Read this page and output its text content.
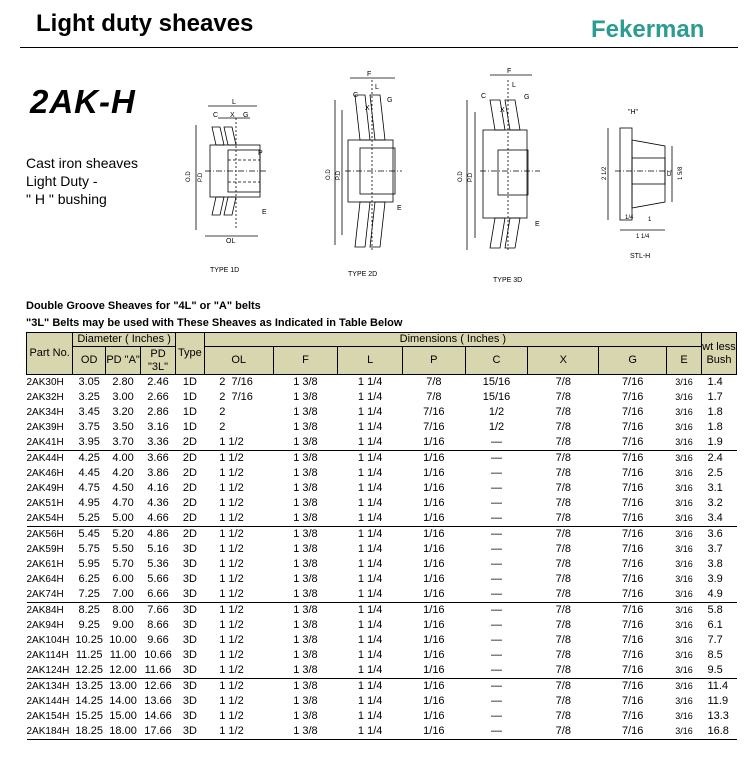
Light duty sheaves	Fekerman
2AK-H
Cast iron sheaves
Light Duty -
" H " bushing
C X G
L
OL
E
P
O.D P.D
TYPE 1D
C
F
L
G
X
E
O.D P.D
TYPE 2D
C
F
L
G
X
E
O.D P.D
TYPE 3D
"H"
2 1/2	1 5/8
D
1/4 1
1 1/4
STL-H
Double Groove Sheaves for "4L" or "A" belts
"3L" Belts may be used with These Sheaves as Indicated in Table Below
Part No.	Diameter ( Inches )			Type	Dimensions ( Inches )								wt less Bush
	OD	PD "A"	PD "3L"		OL	F	L	P	C	X	G	E	
2AK30H	3.05	2.80	2.46	1D	2  7/16	1 3/8	1 1/4	7/8	15/16	7/8	7/16	3/16	1.4
2AK32H	3.25	3.00	2.66	1D	2  7/16	1 3/8	1 1/4	7/8	15/16	7/8	7/16	3/16	1.7
2AK34H	3.45	3.20	2.86	1D	2	1 3/8	1 1/4	7/16	1/2	7/8	7/16	3/16	1.8
2AK39H	3.75	3.50	3.16	1D	2	1 3/8	1 1/4	7/16	1/2	7/8	7/16	3/16	1.8
2AK41H	3.95	3.70	3.36	2D	1 1/2	1 3/8	1 1/4	1/16	—	7/8	7/16	3/16	1.9
2AK44H	4.25	4.00	3.66	2D	1 1/2	1 3/8	1 1/4	1/16	—	7/8	7/16	3/16	2.4
2AK46H	4.45	4.20	3.86	2D	1 1/2	1 3/8	1 1/4	1/16	—	7/8	7/16	3/16	2.5
2AK49H	4.75	4.50	4.16	2D	1 1/2	1 3/8	1 1/4	1/16	—	7/8	7/16	3/16	3.1
2AK51H	4.95	4.70	4.36	2D	1 1/2	1 3/8	1 1/4	1/16	—	7/8	7/16	3/16	3.2
2AK54H	5.25	5.00	4.66	2D	1 1/2	1 3/8	1 1/4	1/16	—	7/8	7/16	3/16	3.4
2AK56H	5.45	5.20	4.86	2D	1 1/2	1 3/8	1 1/4	1/16	—	7/8	7/16	3/16	3.6
2AK59H	5.75	5.50	5.16	3D	1 1/2	1 3/8	1 1/4	1/16	—	7/8	7/16	3/16	3.7
2AK61H	5.95	5.70	5.36	3D	1 1/2	1 3/8	1 1/4	1/16	—	7/8	7/16	3/16	3.8
2AK64H	6.25	6.00	5.66	3D	1 1/2	1 3/8	1 1/4	1/16	—	7/8	7/16	3/16	3.9
2AK74H	7.25	7.00	6.66	3D	1 1/2	1 3/8	1 1/4	1/16	—	7/8	7/16	3/16	4.9
2AK84H	8.25	8.00	7.66	3D	1 1/2	1 3/8	1 1/4	1/16	—	7/8	7/16	3/16	5.8
2AK94H	9.25	9.00	8.66	3D	1 1/2	1 3/8	1 1/4	1/16	—	7/8	7/16	3/16	6.1
2AK104H	10.25	10.00	9.66	3D	1 1/2	1 3/8	1 1/4	1/16	—	7/8	7/16	3/16	7.7
2AK114H	11.25	11.00	10.66	3D	1 1/2	1 3/8	1 1/4	1/16	—	7/8	7/16	3/16	8.5
2AK124H	12.25	12.00	11.66	3D	1 1/2	1 3/8	1 1/4	1/16	—	7/8	7/16	3/16	9.5
2AK134H	13.25	13.00	12.66	3D	1 1/2	1 3/8	1 1/4	1/16	—	7/8	7/16	3/16	11.4
2AK144H	14.25	14.00	13.66	3D	1 1/2	1 3/8	1 1/4	1/16	—	7/8	7/16	3/16	11.9
2AK154H	15.25	15.00	14.66	3D	1 1/2	1 3/8	1 1/4	1/16	—	7/8	7/16	3/16	13.3
2AK184H	18.25	18.00	17.66	3D	1 1/2	1 3/8	1 1/4	1/16	—	7/8	7/16	3/16	16.8
